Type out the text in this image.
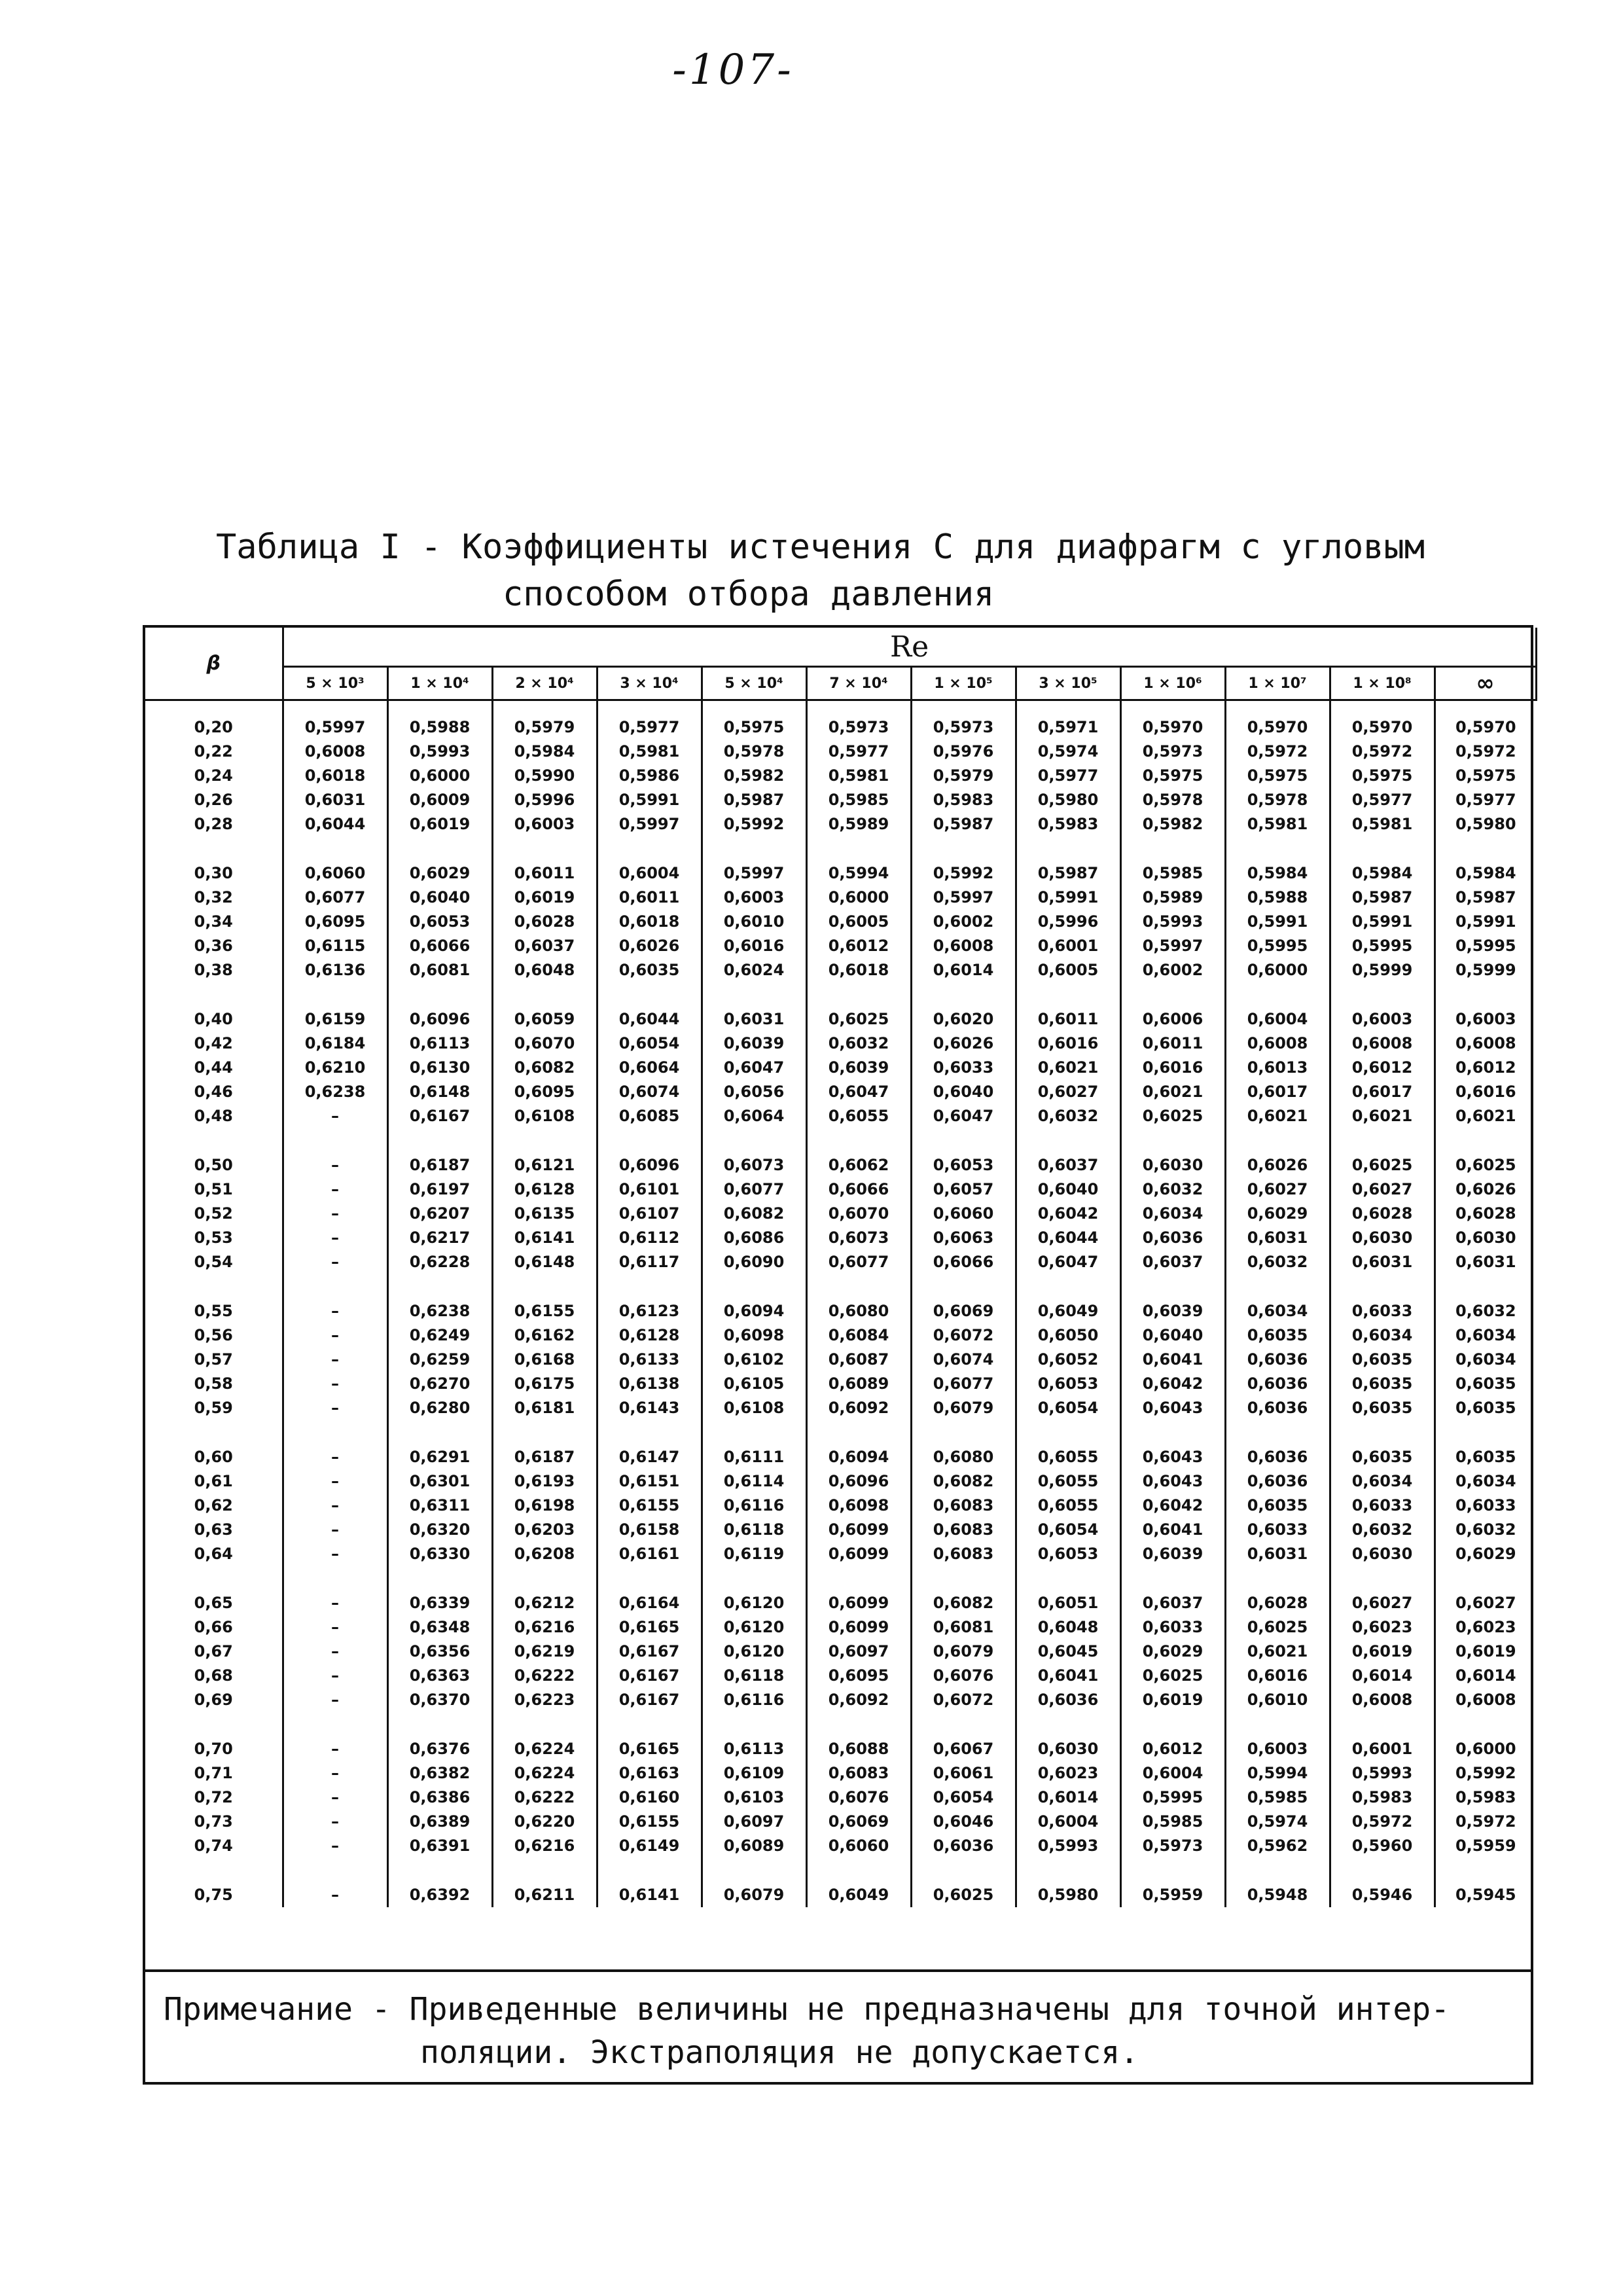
-107-
Таблица I - Коэффициенты истечения С для диафрагм с угловым
способом отбора давления
β	Re											
	5 × 10³	1 × 10⁴	2 × 10⁴	3 × 10⁴	5 × 10⁴	7 × 10⁴	1 × 10⁵	3 × 10⁵	1 × 10⁶	1 × 10⁷	1 × 10⁸	∞

0,20	0,5997	0,5988	0,5979	0,5977	0,5975	0,5973	0,5973	0,5971	0,5970	0,5970	0,5970	0,5970
0,22	0,6008	0,5993	0,5984	0,5981	0,5978	0,5977	0,5976	0,5974	0,5973	0,5972	0,5972	0,5972
0,24	0,6018	0,6000	0,5990	0,5986	0,5982	0,5981	0,5979	0,5977	0,5975	0,5975	0,5975	0,5975
0,26	0,6031	0,6009	0,5996	0,5991	0,5987	0,5985	0,5983	0,5980	0,5978	0,5978	0,5977	0,5977
0,28	0,6044	0,6019	0,6003	0,5997	0,5992	0,5989	0,5987	0,5983	0,5982	0,5981	0,5981	0,5980

0,30	0,6060	0,6029	0,6011	0,6004	0,5997	0,5994	0,5992	0,5987	0,5985	0,5984	0,5984	0,5984
0,32	0,6077	0,6040	0,6019	0,6011	0,6003	0,6000	0,5997	0,5991	0,5989	0,5988	0,5987	0,5987
0,34	0,6095	0,6053	0,6028	0,6018	0,6010	0,6005	0,6002	0,5996	0,5993	0,5991	0,5991	0,5991
0,36	0,6115	0,6066	0,6037	0,6026	0,6016	0,6012	0,6008	0,6001	0,5997	0,5995	0,5995	0,5995
0,38	0,6136	0,6081	0,6048	0,6035	0,6024	0,6018	0,6014	0,6005	0,6002	0,6000	0,5999	0,5999

0,40	0,6159	0,6096	0,6059	0,6044	0,6031	0,6025	0,6020	0,6011	0,6006	0,6004	0,6003	0,6003
0,42	0,6184	0,6113	0,6070	0,6054	0,6039	0,6032	0,6026	0,6016	0,6011	0,6008	0,6008	0,6008
0,44	0,6210	0,6130	0,6082	0,6064	0,6047	0,6039	0,6033	0,6021	0,6016	0,6013	0,6012	0,6012
0,46	0,6238	0,6148	0,6095	0,6074	0,6056	0,6047	0,6040	0,6027	0,6021	0,6017	0,6017	0,6016
0,48	–	0,6167	0,6108	0,6085	0,6064	0,6055	0,6047	0,6032	0,6025	0,6021	0,6021	0,6021

0,50	–	0,6187	0,6121	0,6096	0,6073	0,6062	0,6053	0,6037	0,6030	0,6026	0,6025	0,6025
0,51	–	0,6197	0,6128	0,6101	0,6077	0,6066	0,6057	0,6040	0,6032	0,6027	0,6027	0,6026
0,52	–	0,6207	0,6135	0,6107	0,6082	0,6070	0,6060	0,6042	0,6034	0,6029	0,6028	0,6028
0,53	–	0,6217	0,6141	0,6112	0,6086	0,6073	0,6063	0,6044	0,6036	0,6031	0,6030	0,6030
0,54	–	0,6228	0,6148	0,6117	0,6090	0,6077	0,6066	0,6047	0,6037	0,6032	0,6031	0,6031

0,55	–	0,6238	0,6155	0,6123	0,6094	0,6080	0,6069	0,6049	0,6039	0,6034	0,6033	0,6032
0,56	–	0,6249	0,6162	0,6128	0,6098	0,6084	0,6072	0,6050	0,6040	0,6035	0,6034	0,6034
0,57	–	0,6259	0,6168	0,6133	0,6102	0,6087	0,6074	0,6052	0,6041	0,6036	0,6035	0,6034
0,58	–	0,6270	0,6175	0,6138	0,6105	0,6089	0,6077	0,6053	0,6042	0,6036	0,6035	0,6035
0,59	–	0,6280	0,6181	0,6143	0,6108	0,6092	0,6079	0,6054	0,6043	0,6036	0,6035	0,6035

0,60	–	0,6291	0,6187	0,6147	0,6111	0,6094	0,6080	0,6055	0,6043	0,6036	0,6035	0,6035
0,61	–	0,6301	0,6193	0,6151	0,6114	0,6096	0,6082	0,6055	0,6043	0,6036	0,6034	0,6034
0,62	–	0,6311	0,6198	0,6155	0,6116	0,6098	0,6083	0,6055	0,6042	0,6035	0,6033	0,6033
0,63	–	0,6320	0,6203	0,6158	0,6118	0,6099	0,6083	0,6054	0,6041	0,6033	0,6032	0,6032
0,64	–	0,6330	0,6208	0,6161	0,6119	0,6099	0,6083	0,6053	0,6039	0,6031	0,6030	0,6029

0,65	–	0,6339	0,6212	0,6164	0,6120	0,6099	0,6082	0,6051	0,6037	0,6028	0,6027	0,6027
0,66	–	0,6348	0,6216	0,6165	0,6120	0,6099	0,6081	0,6048	0,6033	0,6025	0,6023	0,6023
0,67	–	0,6356	0,6219	0,6167	0,6120	0,6097	0,6079	0,6045	0,6029	0,6021	0,6019	0,6019
0,68	–	0,6363	0,6222	0,6167	0,6118	0,6095	0,6076	0,6041	0,6025	0,6016	0,6014	0,6014
0,69	–	0,6370	0,6223	0,6167	0,6116	0,6092	0,6072	0,6036	0,6019	0,6010	0,6008	0,6008

0,70	–	0,6376	0,6224	0,6165	0,6113	0,6088	0,6067	0,6030	0,6012	0,6003	0,6001	0,6000
0,71	–	0,6382	0,6224	0,6163	0,6109	0,6083	0,6061	0,6023	0,6004	0,5994	0,5993	0,5992
0,72	–	0,6386	0,6222	0,6160	0,6103	0,6076	0,6054	0,6014	0,5995	0,5985	0,5983	0,5983
0,73	–	0,6389	0,6220	0,6155	0,6097	0,6069	0,6046	0,6004	0,5985	0,5974	0,5972	0,5972
0,74	–	0,6391	0,6216	0,6149	0,6089	0,6060	0,6036	0,5993	0,5973	0,5962	0,5960	0,5959

0,75	–	0,6392	0,6211	0,6141	0,6079	0,6049	0,6025	0,5980	0,5959	0,5948	0,5946	0,5945
Примечание - Приведенные величины не предназначены для точной интер-
поляции. Экстраполяция не допускается.
